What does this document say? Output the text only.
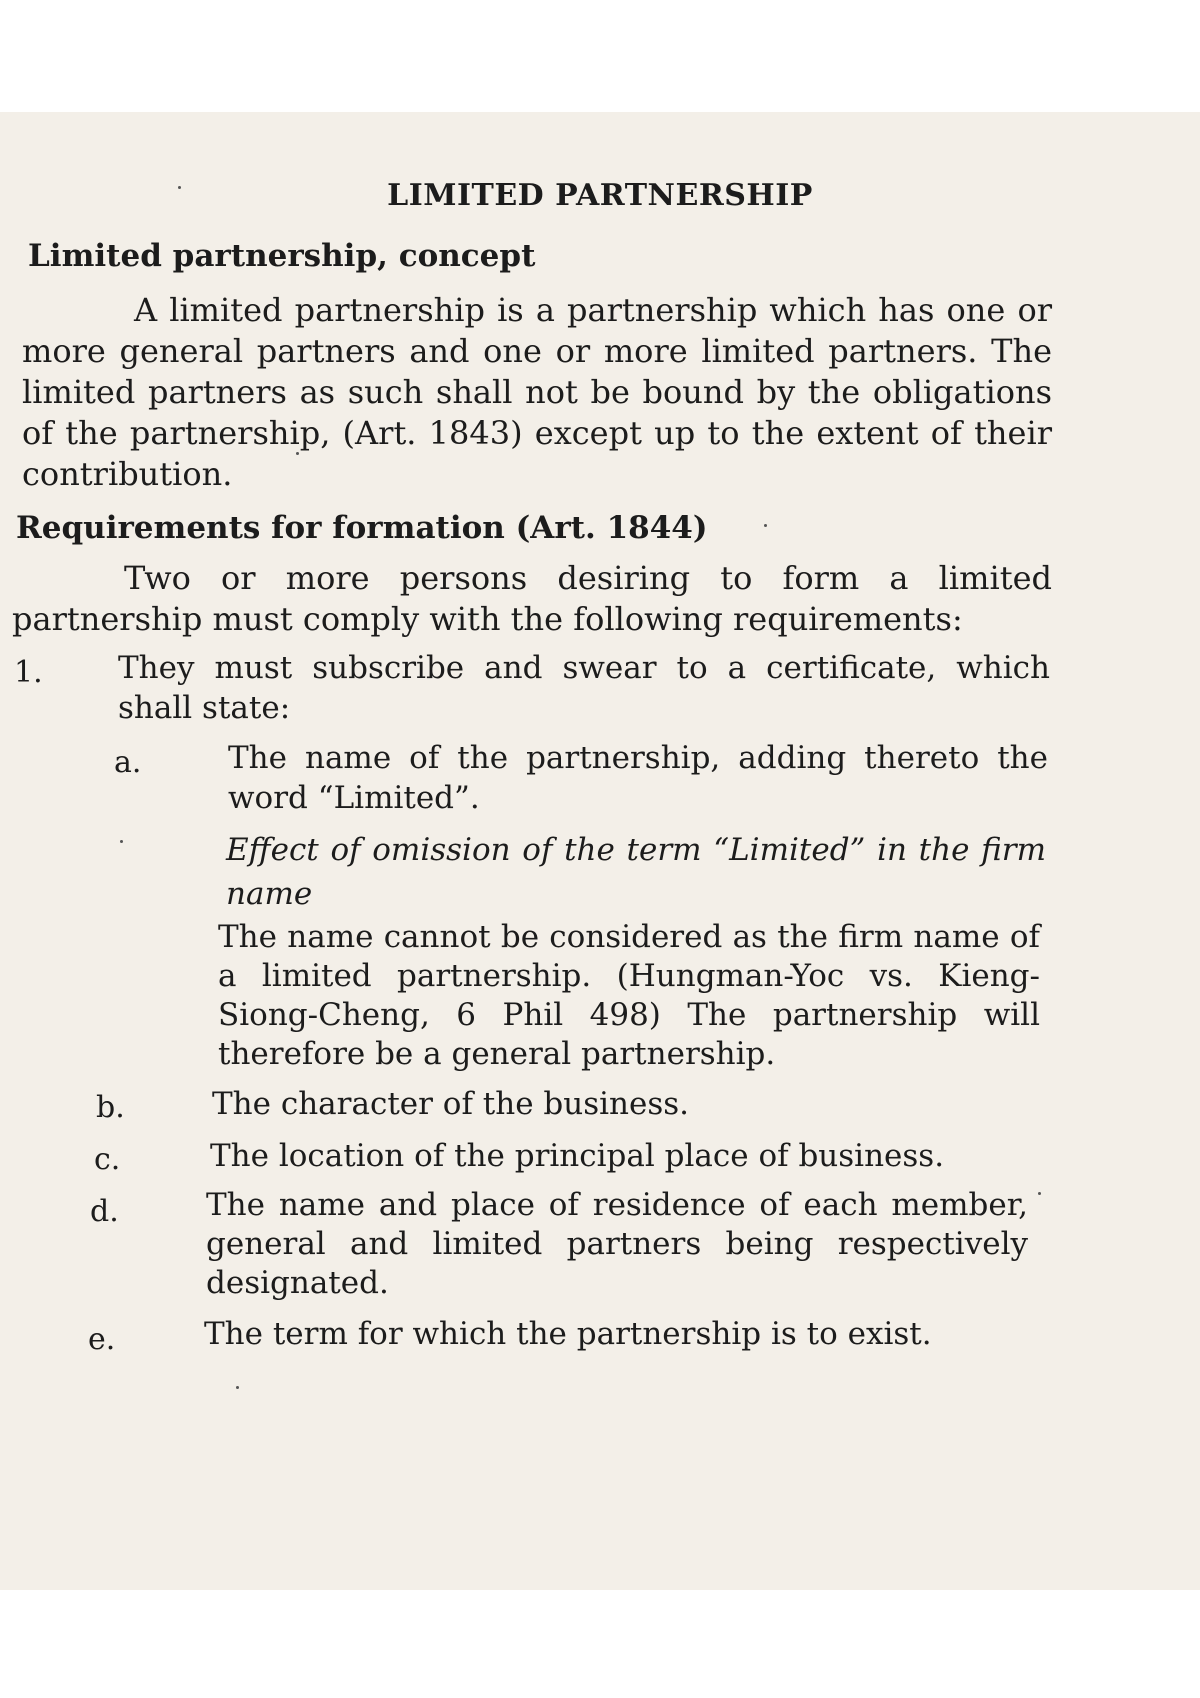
LIMITED PARTNERSHIP
Limited partnership, concept
A limited partnership is a partnership which has one or more general partners and one or more limited partners. The limited partners as such shall not be bound by the obligations of the partnership, (Art. 1843) except up to the extent of their contribution.
Requirements for formation (Art. 1844)
Two or more persons desiring to form a limited partnership must comply with the following requirements:
1. They must subscribe and swear to a certificate, which shall state:
a.	The name of the partnership, adding thereto the word “Limited”.
Effect of omission of the term “Limited” in the firm name
The name cannot be considered as the firm name of a limited partnership. (Hungman-Yoc vs. Kieng-Siong-Cheng, 6 Phil 498) The partnership will therefore be a general partnership.
b.	The character of the business.
c.	The location of the principal place of business.
d.	The name and place of residence of each member, general and limited partners being respectively designated.
e.	The term for which the partnership is to exist.
